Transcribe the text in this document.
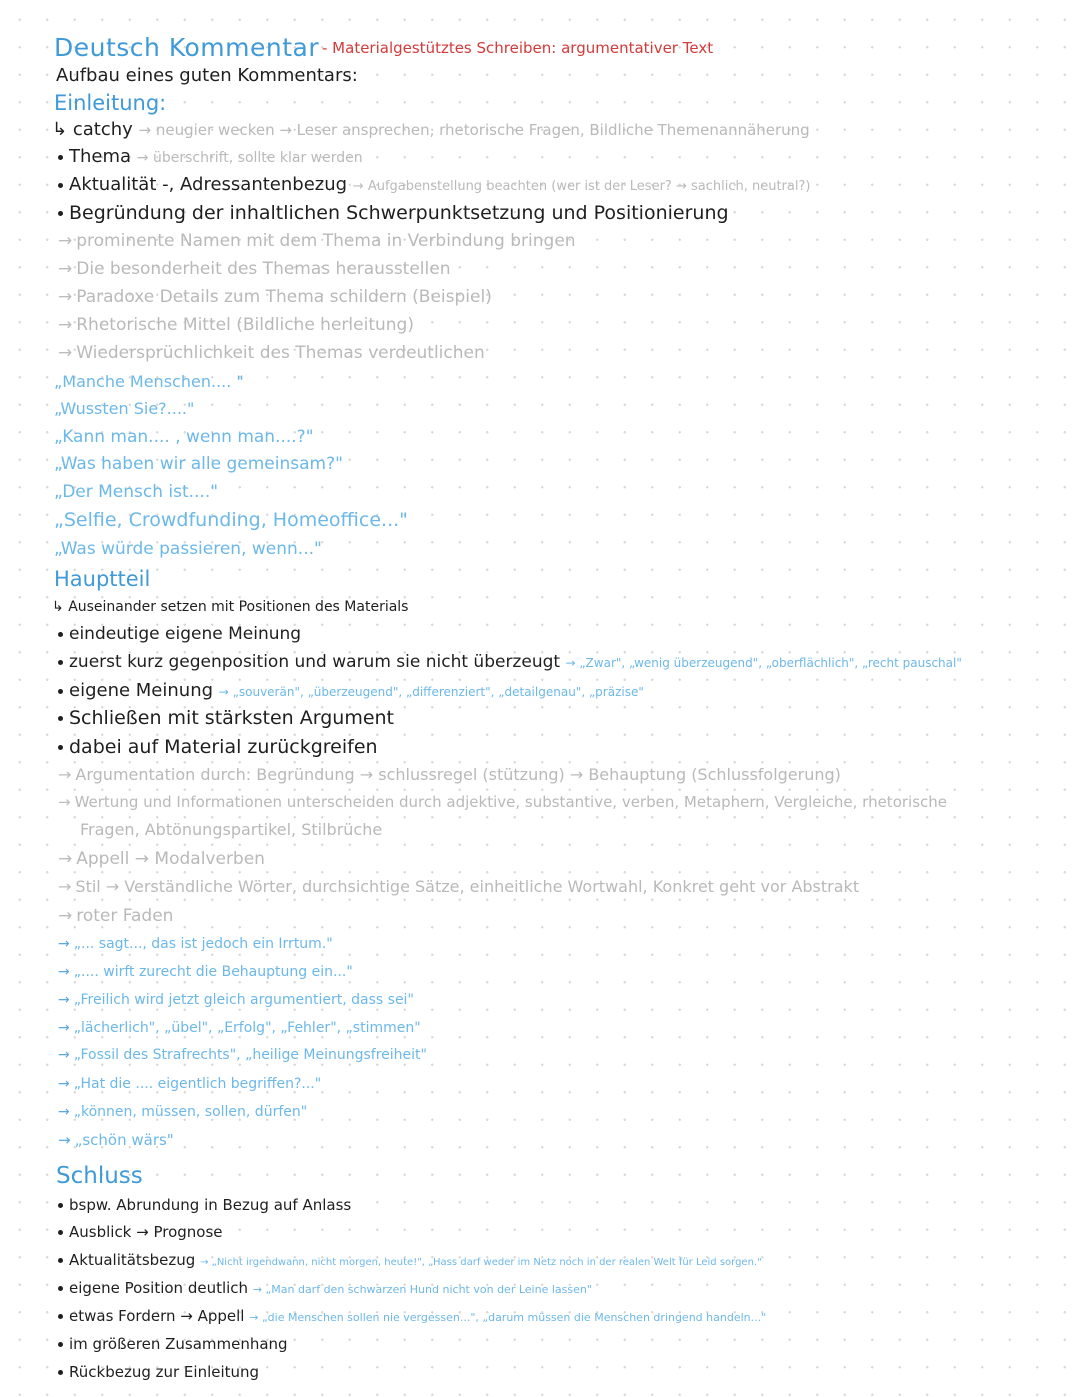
Deutsch Kommentar - Materialgestütztes Schreiben: argumentativer Text
Aufbau eines guten Kommentars:
Einleitung:
↳ catchy → neugier wecken → Leser ansprechen, rhetorische Fragen, Bildliche Themenannäherung
Thema → überschrift, sollte klar werden
Aktualität -, Adressantenbezug → Aufgabenstellung beachten (wer ist der Leser? → sachlich, neutral?)
Begründung der inhaltlichen Schwerpunktsetzung und Positionierung
→ prominente Namen mit dem Thema in Verbindung bringen
→ Die besonderheit des Themas herausstellen
→ Paradoxe Details zum Thema schildern (Beispiel)
→ Rhetorische Mittel (Bildliche herleitung)
→ Wiedersprüchlichkeit des Themas verdeutlichen
„Manche Menschen.... "
„Wussten Sie?...."
„Kann man.... , wenn man....?"
„Was haben wir alle gemeinsam?"
„Der Mensch ist...."
„Selfie, Crowdfunding, Homeoffice..."
„Was würde passieren, wenn..."
Hauptteil
↳ Auseinander setzen mit Positionen des Materials
eindeutige eigene Meinung
zuerst kurz gegenposition und warum sie nicht überzeugt → „Zwar", „wenig überzeugend", „oberflächlich", „recht pauschal"
eigene Meinung → „souverän", „überzeugend", „differenziert", „detailgenau", „präzise"
Schließen mit stärksten Argument
dabei auf Material zurückgreifen
→ Argumentation durch: Begründung → schlussregel (stützung) → Behauptung (Schlussfolgerung)
→ Wertung und Informationen unterscheiden durch adjektive, substantive, verben, Metaphern, Vergleiche, rhetorische
Fragen, Abtönungspartikel, Stilbrüche
→ Appell → Modalverben
→ Stil → Verständliche Wörter, durchsichtige Sätze, einheitliche Wortwahl, Konkret geht vor Abstrakt
→ roter Faden
→ „... sagt..., das ist jedoch ein Irrtum."
→ „.... wirft zurecht die Behauptung ein..."
→ „Freilich wird jetzt gleich argumentiert, dass sei"
→ „lächerlich", „übel", „Erfolg", „Fehler", „stimmen"
→ „Fossil des Strafrechts", „heilige Meinungsfreiheit"
→ „Hat die .... eigentlich begriffen?..."
→ „können, müssen, sollen, dürfen"
→ „schön wärs"
Schluss
bspw. Abrundung in Bezug auf Anlass
Ausblick → Prognose
Aktualitätsbezug → „Nicht irgendwann, nicht morgen, heute!", „Hass darf weder im Netz noch in der realen Welt für Leid sorgen."
eigene Position deutlich → „Man darf den schwarzen Hund nicht von der Leine lassen"
etwas Fordern → Appell → „die Menschen sollen nie vergessen...", „darum müssen die Menschen dringend handeln..."
im größeren Zusammenhang
Rückbezug zur Einleitung
